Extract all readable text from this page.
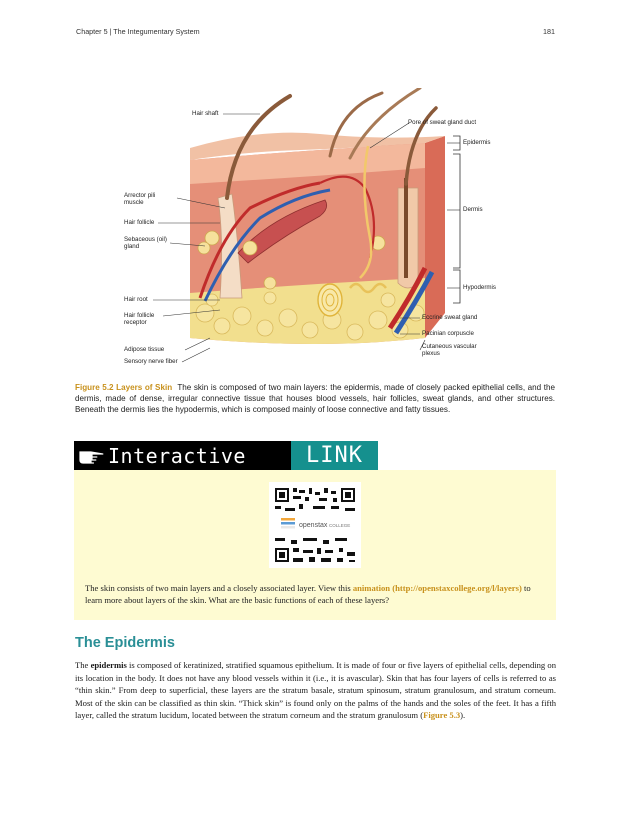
Chapter 5 | The Integumentary System	181
Hair shaft
Pore of sweat gland duct
Epidermis
Arrector pili
muscle
Dermis
Hair follicle
Sebaceous (oil)
gland
Hypodermis
Hair root
Hair follicle
receptor
Eccrine sweat gland
Pacinian corpuscle
Cutaneous vascular
plexus
Adipose tissue
Sensory nerve fiber
Figure 5.2 Layers of Skin The skin is composed of two main layers: the epidermis, made of closely packed epithelial cells, and the dermis, made of dense, irregular connective tissue that houses blood vessels, hair follicles, sweat glands, and other structures. Beneath the dermis lies the hypodermis, which is composed mainly of loose connective and fatty tissues.
Interactive	LINK
openstax COLLEGE
The skin consists of two main layers and a closely associated layer. View this animation (http://openstaxcollege.org/l/layers) to learn more about layers of the skin. What are the basic functions of each of these layers?
The Epidermis
The epidermis is composed of keratinized, stratified squamous epithelium. It is made of four or five layers of epithelial cells, depending on its location in the body. It does not have any blood vessels within it (i.e., it is avascular). Skin that has four layers of cells is referred to as “thin skin.” From deep to superficial, these layers are the stratum basale, stratum spinosum, stratum granulosum, and stratum corneum. Most of the skin can be classified as thin skin. “Thick skin” is found only on the palms of the hands and the soles of the feet. It has a fifth layer, called the stratum lucidum, located between the stratum corneum and the stratum granulosum (Figure 5.3).
